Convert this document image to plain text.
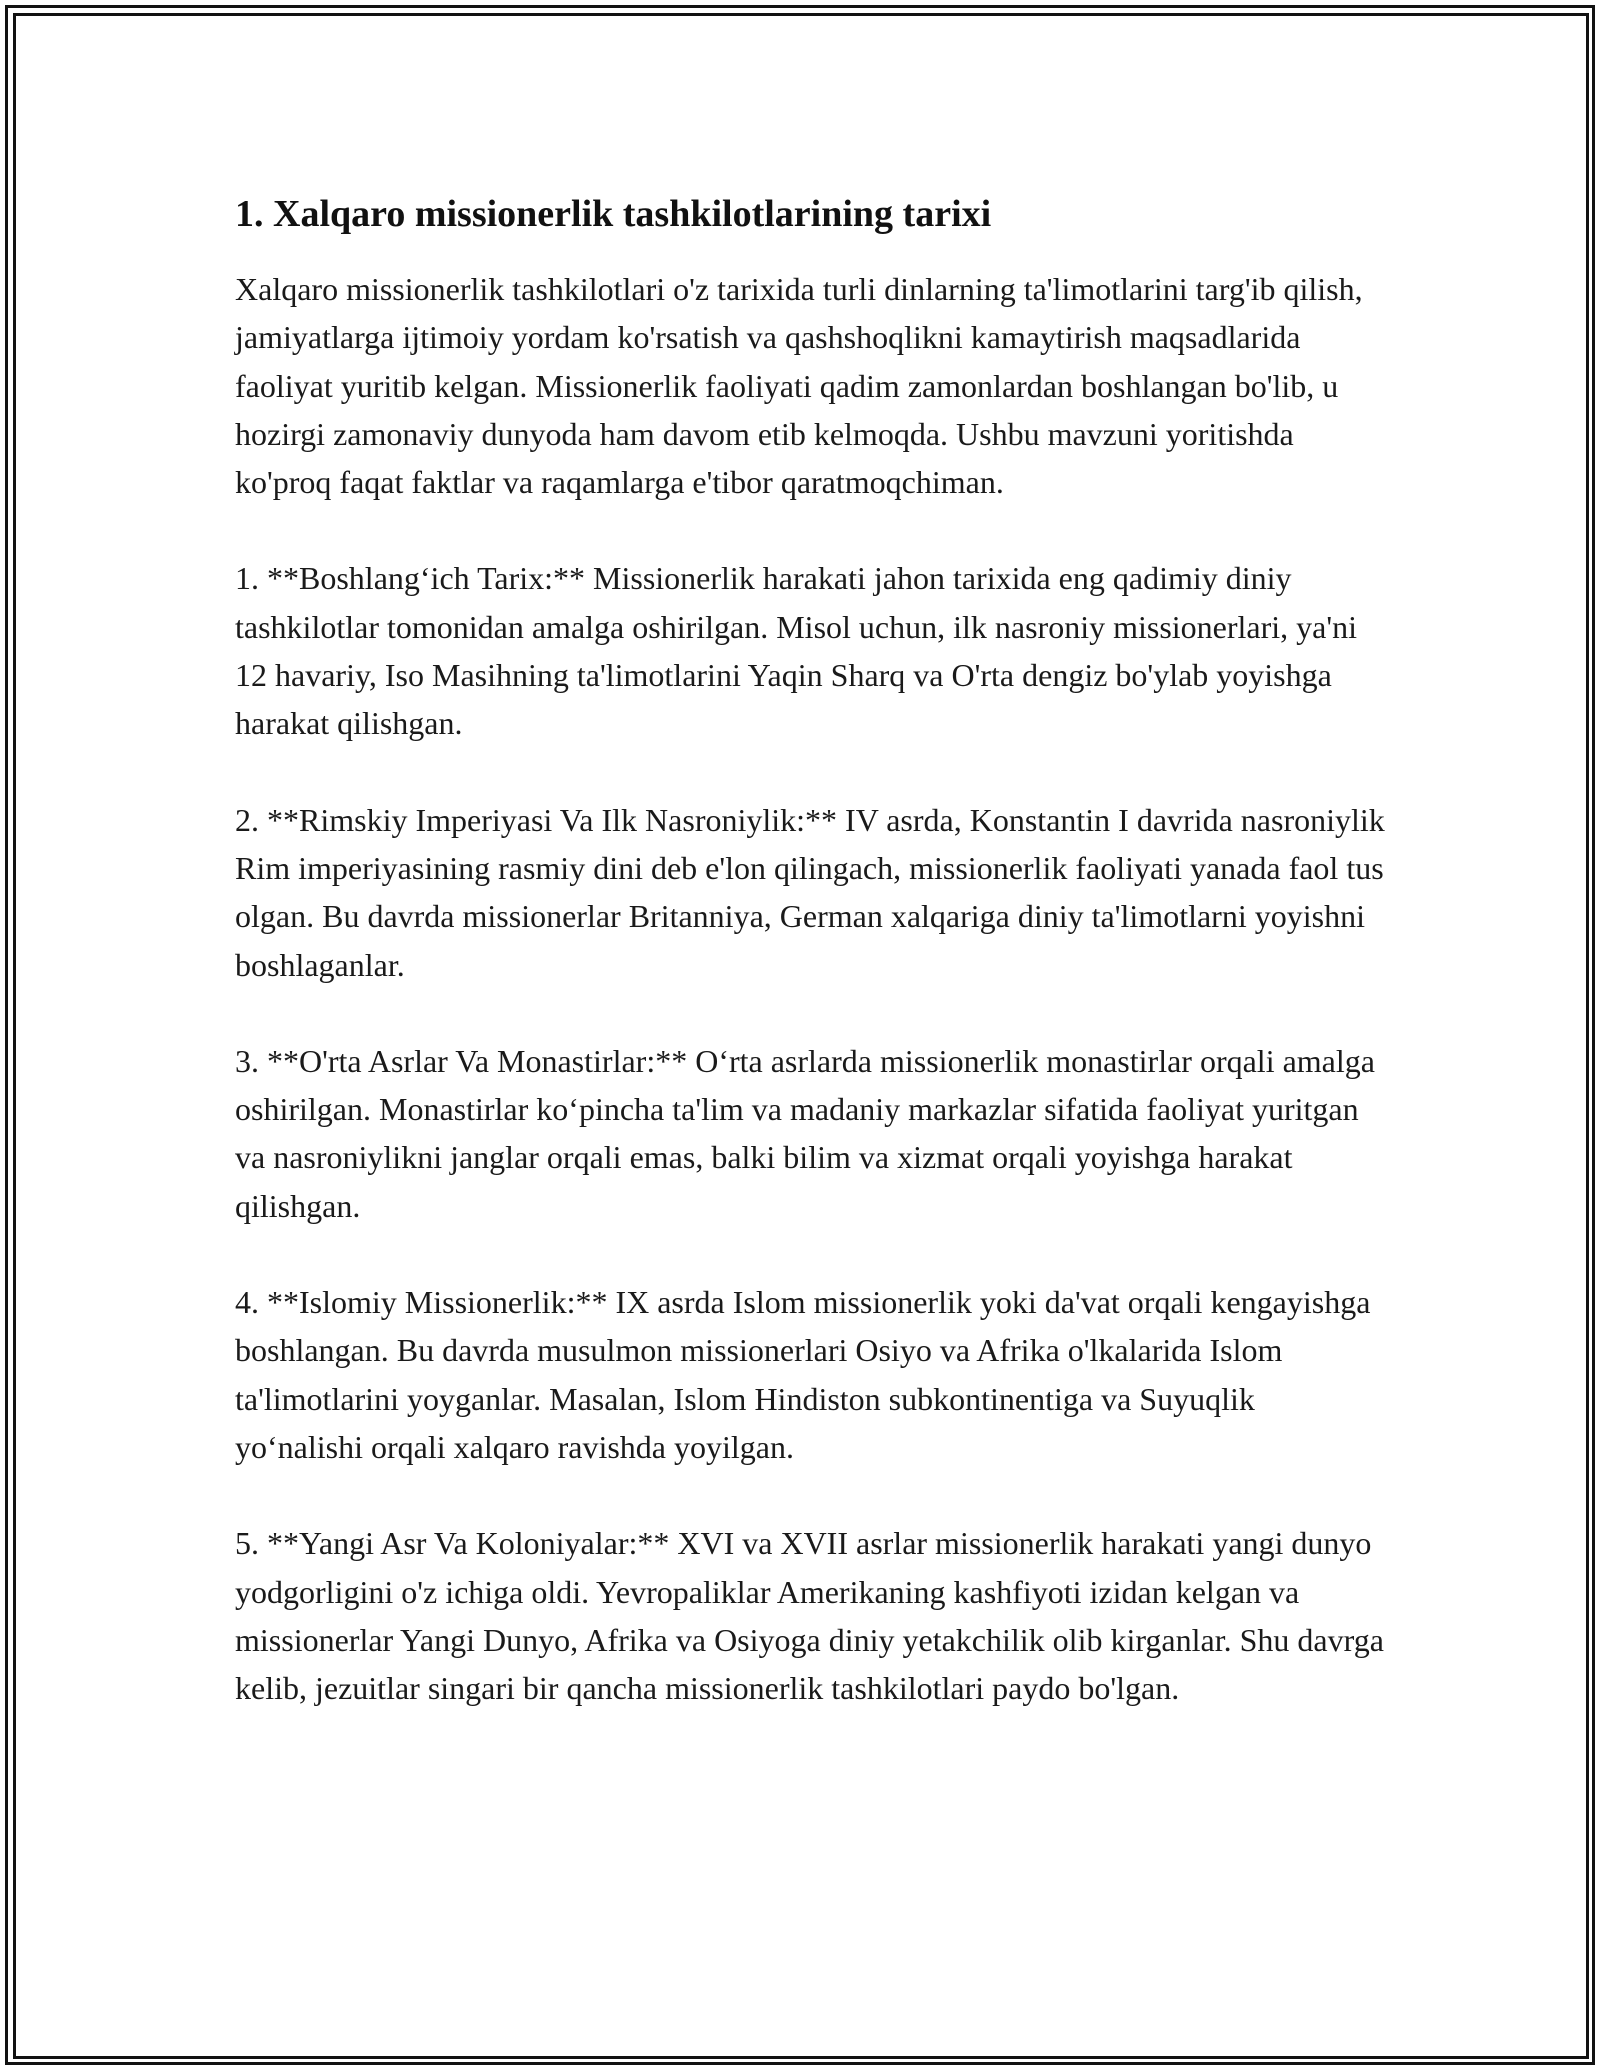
1. Xalqaro missionerlik tashkilotlarining tarixi

Xalqaro missionerlik tashkilotlari o'z tarixida turli dinlarning ta'limotlarini targ'ib qilish, jamiyatlarga ijtimoiy yordam ko'rsatish va qashshoqlikni kamaytirish maqsadlarida faoliyat yuritib kelgan. Missionerlik faoliyati qadim zamonlardan boshlangan bo'lib, u hozirgi zamonaviy dunyoda ham davom etib kelmoqda. Ushbu mavzuni yoritishda ko'proq faqat faktlar va raqamlarga e'tibor qaratmoqchiman.

1. **Boshlang‘ich Tarix:** Missionerlik harakati jahon tarixida eng qadimiy diniy tashkilotlar tomonidan amalga oshirilgan. Misol uchun, ilk nasroniy missionerlari, ya'ni 12 havariy, Iso Masihning ta'limotlarini Yaqin Sharq va O'rta dengiz bo'ylab yoyishga harakat qilishgan.

2. **Rimskiy Imperiyasi Va Ilk Nasroniylik:** IV asrda, Konstantin I davrida nasroniylik Rim imperiyasining rasmiy dini deb e'lon qilingach, missionerlik faoliyati yanada faol tus olgan. Bu davrda missionerlar Britanniya, German xalqariga diniy ta'limotlarni yoyishni boshlaganlar.

3. **O'rta Asrlar Va Monastirlar:** O‘rta asrlarda missionerlik monastirlar orqali amalga oshirilgan. Monastirlar ko‘pincha ta'lim va madaniy markazlar sifatida faoliyat yuritgan va nasroniylikni janglar orqali emas, balki bilim va xizmat orqali yoyishga harakat qilishgan.

4. **Islomiy Missionerlik:** IX asrda Islom missionerlik yoki da'vat orqali kengayishga boshlangan. Bu davrda musulmon missionerlari Osiyo va Afrika o'lkalarida Islom ta'limotlarini yoyganlar. Masalan, Islom Hindiston subkontinentiga va Suyuqlik yo‘nalishi orqali xalqaro ravishda yoyilgan.

5. **Yangi Asr Va Koloniyalar:** XVI va XVII asrlar missionerlik harakati yangi dunyo yodgorligini o'z ichiga oldi. Yevropaliklar Amerikaning kashfiyoti izidan kelgan va missionerlar Yangi Dunyo, Afrika va Osiyoga diniy yetakchilik olib kirganlar. Shu davrga kelib, jezuitlar singari bir qancha missionerlik tashkilotlari paydo bo'lgan.
